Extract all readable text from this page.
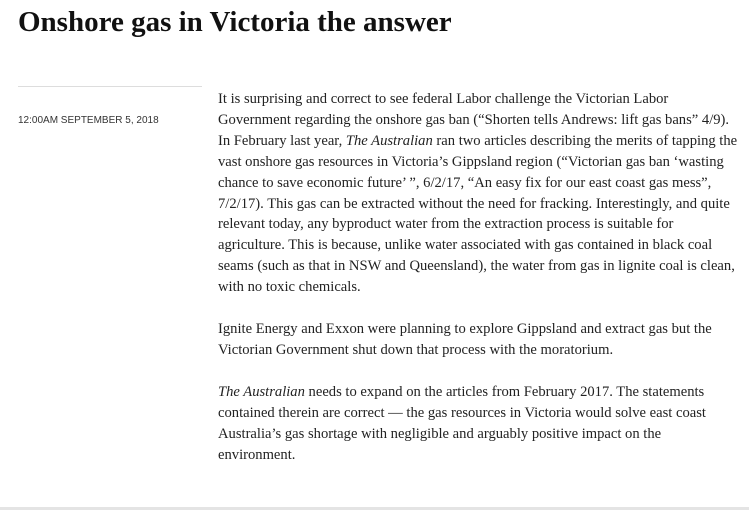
Onshore gas in Victoria the answer
12:00AM SEPTEMBER 5, 2018

It is surprising and correct to see federal Labor challenge the Victorian Labor Government regarding the onshore gas ban (“Shorten tells Andrews: lift gas bans” 4/9). In February last year, The Australian ran two articles describing the merits of tapping the vast onshore gas resources in Victoria’s Gippsland region (“Victorian gas ban ‘wasting chance to save economic future’ ”, 6/2/17, “An easy fix for our east coast gas mess”, 7/2/17). This gas can be extracted without the need for fracking. Interestingly, and quite relevant today, any byproduct water from the extraction process is suitable for agriculture. This is because, unlike water associated with gas contained in black coal seams (such as that in NSW and Queensland), the water from gas in lignite coal is clean, with no toxic chemicals.

Ignite Energy and Exxon were planning to explore Gippsland and extract gas but the Victorian Government shut down that process with the moratorium.

The Australian needs to expand on the articles from February 2017. The statements contained therein are correct — the gas resources in Victoria would solve east coast Australia’s gas shortage with negligible and arguably positive impact on the environment.
